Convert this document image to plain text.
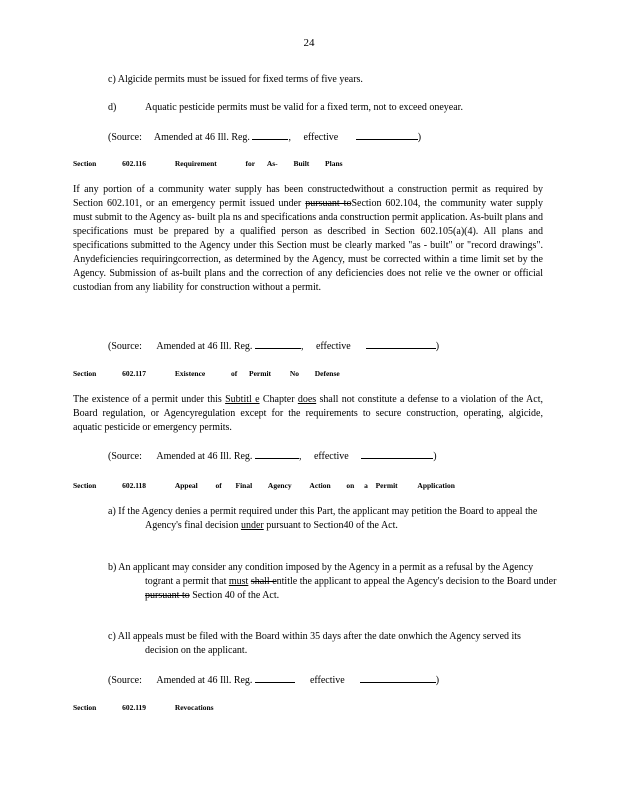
24
c) Algicide permits must be issued for fixed terms of five years.
d)	Aquatic pesticide permits must be valid for a fixed term, not to exceed oneyear.
(Source: Amended at 46 Ill. Reg.	, effective	)
Section	602.116	Requirement	for As- Built Plans
If any portion of a community water supply has been constructedwithout a construction permit as required by Section 602.101, or an emergency permit issued under pursuant toSection 602.104, the community water supply must submit to the Agency as- built pla ns and specifications anda construction permit application. As-built plans and specifications must be prepared by a qualified person as described in Section 602.105(a)(4). All plans and specifications submitted to the Agency under this Section must be clearly marked "as - built" or "record drawings". Anydeficiencies requiringcorrection, as determined by the Agency, must be corrected within a time limit set by the Agency. Submission of as-built plans and the correction of any deficiencies does not relie ve the owner or official custodian from any liability for construction without a permit.
(Source: Amended at 46 Ill. Reg.	, effective	)
Section	602.117	Existence	of Permit	No Defense
The existence of a permit under this Subtitl e Chapter does shall not constitute a defense to a violation of the Act, Board regulation, or Agencyregulation except for the requirements to secure construction, operating, algicide, aquatic pesticide or emergency permits.
(Source: Amended at 46 Ill. Reg.	, effective	)
Section	602.118	Appeal of Final Agency Action on a Permit	Application
a) If the Agency denies a permit required under this Part, the applicant may petition the Board to appeal the Agency's final decision under pursuant to Section40 of the Act.
b) An applicant may consider any condition imposed by the Agency in a permit as a refusal by the Agency togrant a permit that must shall entitle the applicant to appeal the Agency's decision to the Board under pursuant to Section 40 of the Act.
c) All appeals must be filed with the Board within 35 days after the date onwhich the Agency served its decision on the applicant.
(Source: Amended at 46 Ill. Reg.	effective	)
Section	602.119	Revocations
